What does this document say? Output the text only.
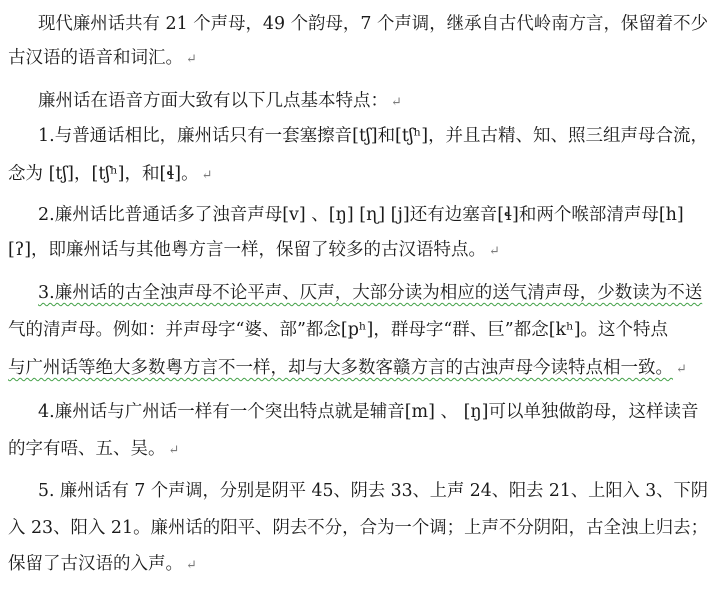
现代廉州话共有 21 个声母，49 个韵母，7 个声调，继承自古代岭南方言，保留着不少
古汉语的语音和词汇。 ↵
廉州话在语音方面大致有以下几点基本特点： ↵
1.与普通话相比，廉州话只有一套塞擦音[tʃ]和[tʃʰ]，并且古精、知、照三组声母合流，
念为 [tʃ]，[tʃʰ]，和[ɬ]。 ↵
2.廉州话比普通话多了浊音声母[v] 、[ŋ] [ɳ] [j]还有边塞音[ɬ]和两个喉部清声母[h]
[ʔ]，即廉州话与其他粤方言一样，保留了较多的古汉语特点。 ↵
3.廉州话的古全浊声母不论平声、仄声，大部分读为相应的送气清声母，少数读为不送
气的清声母。例如：并声母字“婆、部”都念[pʰ]，群母字“群、巨”都念[kʰ]。这个特点
与广州话等绝大多数粤方言不一样，却与大多数客赣方言的古浊声母今读特点相一致。 ↵
4.廉州话与广州话一样有一个突出特点就是辅音[m] 、 [ŋ]可以单独做韵母，这样读音
的字有唔、五、吴。 ↵
5. 廉州话有 7 个声调，分别是阴平 45、阴去 33、上声 24、阳去 21、上阳入 3、下阴
入 23、阳入 21。廉州话的阳平、阴去不分，合为一个调；上声不分阴阳，古全浊上归去；
保留了古汉语的入声。 ↵
